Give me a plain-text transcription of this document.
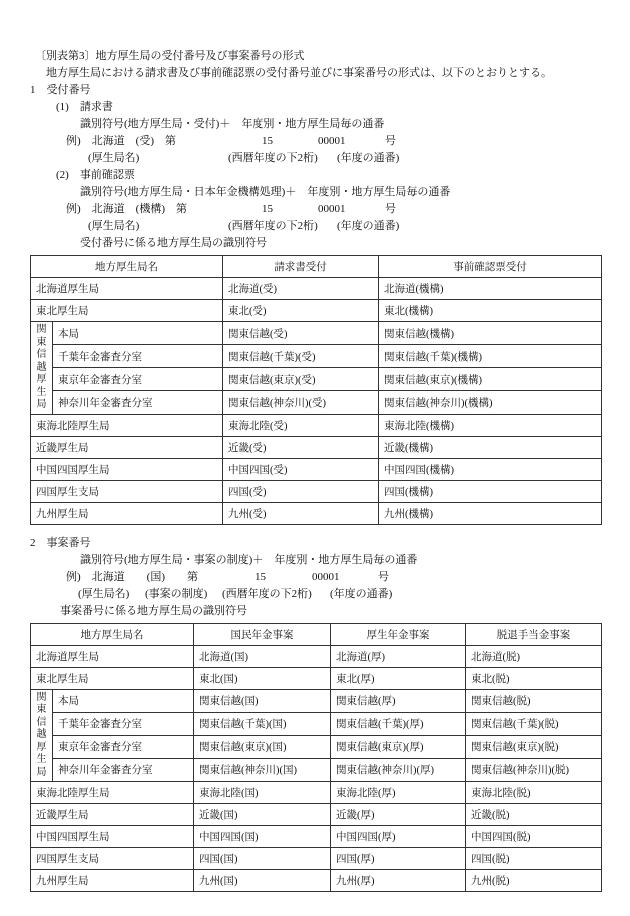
〔別表第3〕地方厚生局の受付番号及び事案番号の形式
地方厚生局における請求書及び事前確認票の受付番号並びに事案番号の形式は、以下のとおりとする。
1　受付番号
(1)　請求書
識別符号(地方厚生局・受付)＋　年度別・地方厚生局毎の通番
例)　北海道　(受)　第	15	00001	号
(厚生局名)	(西暦年度の下2桁) (年度の通番)
(2)　事前確認票
識別符号(地方厚生局・日本年金機構処理)＋　年度別・地方厚生局毎の通番
例)　北海道　(機構)　第	15	00001	号
(厚生局名)	(西暦年度の下2桁) (年度の通番)
受付番号に係る地方厚生局の識別符号
地方厚生局名		請求書受付	事前確認票受付
北海道厚生局		北海道(受)	北海道(機構)
東北厚生局		東北(受)	東北(機構)
関東信越厚生局	本局	関東信越(受)	関東信越(機構)
	千葉年金審査分室	関東信越(千葉)(受)	関東信越(千葉)(機構)
	東京年金審査分室	関東信越(東京)(受)	関東信越(東京)(機構)
	神奈川年金審査分室	関東信越(神奈川)(受)	関東信越(神奈川)(機構)
東海北陸厚生局		東海北陸(受)	東海北陸(機構)
近畿厚生局		近畿(受)	近畿(機構)
中国四国厚生局		中国四国(受)	中国四国(機構)
四国厚生支局		四国(受)	四国(機構)
九州厚生局		九州(受)	九州(機構)
2　事案番号
識別符号(地方厚生局・事案の制度)＋　年度別・地方厚生局毎の通番
例)　北海道　　(国)　　第	15	00001	号
(厚生局名) (事案の制度) (西暦年度の下2桁) (年度の通番)
事案番号に係る地方厚生局の識別符号
地方厚生局名		国民年金事案	厚生年金事案	脱退手当金事案
北海道厚生局		北海道(国)	北海道(厚)	北海道(脱)
東北厚生局		東北(国)	東北(厚)	東北(脱)
関東信越厚生局	本局	関東信越(国)	関東信越(厚)	関東信越(脱)
	千葉年金審査分室	関東信越(千葉)(国)	関東信越(千葉)(厚)	関東信越(千葉)(脱)
	東京年金審査分室	関東信越(東京)(国)	関東信越(東京)(厚)	関東信越(東京)(脱)
	神奈川年金審査分室	関東信越(神奈川)(国)	関東信越(神奈川)(厚)	関東信越(神奈川)(脱)
東海北陸厚生局		東海北陸(国)	東海北陸(厚)	東海北陸(脱)
近畿厚生局		近畿(国)	近畿(厚)	近畿(脱)
中国四国厚生局		中国四国(国)	中国四国(厚)	中国四国(脱)
四国厚生支局		四国(国)	四国(厚)	四国(脱)
九州厚生局		九州(国)	九州(厚)	九州(脱)
